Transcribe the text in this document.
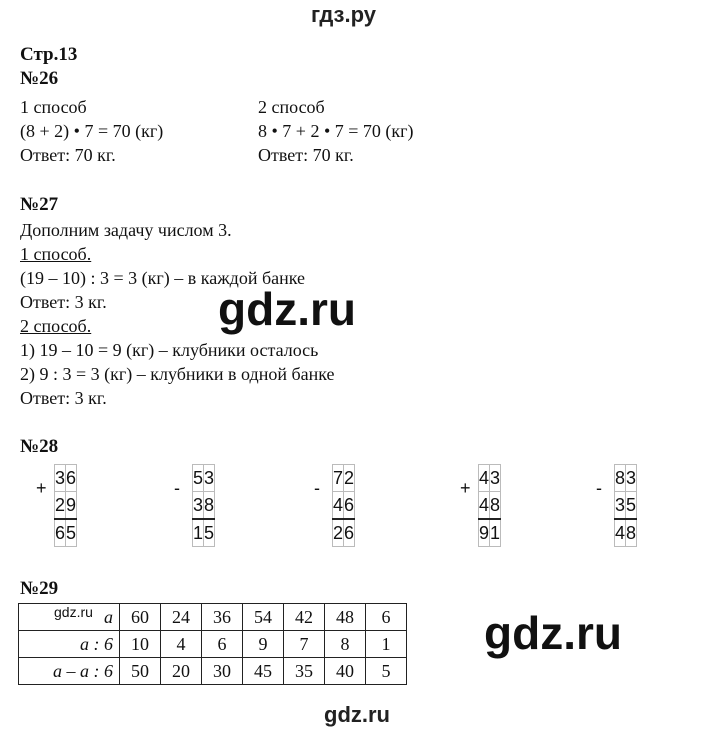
гдз.ру
Стр.13
№26
1 способ
(8 + 2) • 7 = 70 (кг)
Ответ: 70 кг.
2 способ
8 • 7 + 2 • 7 = 70 (кг)
Ответ: 70 кг.
№27
Дополним задачу числом 3.
1 способ.
(19 – 10) : 3 = 3 (кг) – в каждой банке
Ответ: 3 кг.
2 способ.
1) 19 – 10 = 9 (кг) – клубники осталось
2) 9 : 3 = 3 (кг) – клубники в одной банке
Ответ: 3 кг.
gdz.ru
№28
+
3	6
2	9
6	5
-
5	3
3	8
1	5
-
7	2
4	6
2	6
+
4	3
4	8
9	1
-
8	3
3	5
4	8
№29
a	60	24	36	54	42	48	6
a : 6	10	4	6	9	7	8	1
a – a : 6	50	20	30	45	35	40	5
gdz.ru	gdz.ru
gdz.ru
